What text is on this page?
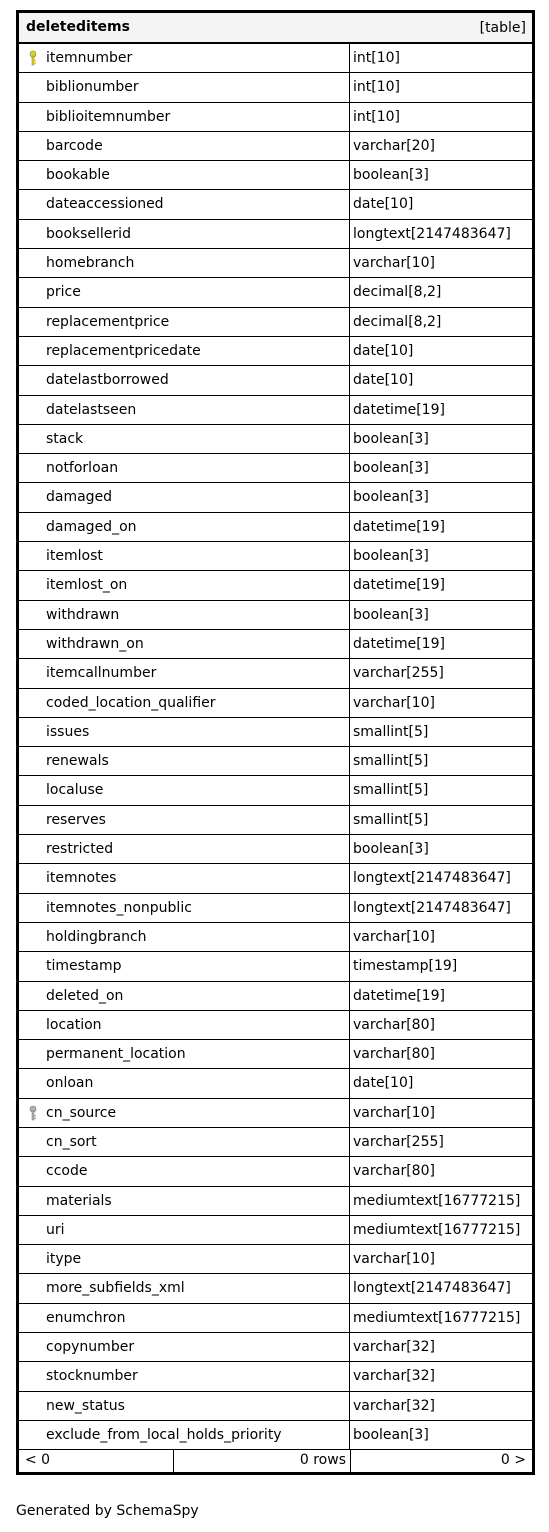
deleteditems	[table]
itemnumber	int[10]
biblionumber	int[10]
biblioitemnumber	int[10]
barcode	varchar[20]
bookable	boolean[3]
dateaccessioned	date[10]
booksellerid	longtext[2147483647]
homebranch	varchar[10]
price	decimal[8,2]
replacementprice	decimal[8,2]
replacementpricedate	date[10]
datelastborrowed	date[10]
datelastseen	datetime[19]
stack	boolean[3]
notforloan	boolean[3]
damaged	boolean[3]
damaged_on	datetime[19]
itemlost	boolean[3]
itemlost_on	datetime[19]
withdrawn	boolean[3]
withdrawn_on	datetime[19]
itemcallnumber	varchar[255]
coded_location_qualifier	varchar[10]
issues	smallint[5]
renewals	smallint[5]
localuse	smallint[5]
reserves	smallint[5]
restricted	boolean[3]
itemnotes	longtext[2147483647]
itemnotes_nonpublic	longtext[2147483647]
holdingbranch	varchar[10]
timestamp	timestamp[19]
deleted_on	datetime[19]
location	varchar[80]
permanent_location	varchar[80]
onloan	date[10]
cn_source	varchar[10]
cn_sort	varchar[255]
ccode	varchar[80]
materials	mediumtext[16777215]
uri	mediumtext[16777215]
itype	varchar[10]
more_subfields_xml	longtext[2147483647]
enumchron	mediumtext[16777215]
copynumber	varchar[32]
stocknumber	varchar[32]
new_status	varchar[32]
exclude_from_local_holds_priority	boolean[3]
< 0	0 rows	0 >
Generated by SchemaSpy
